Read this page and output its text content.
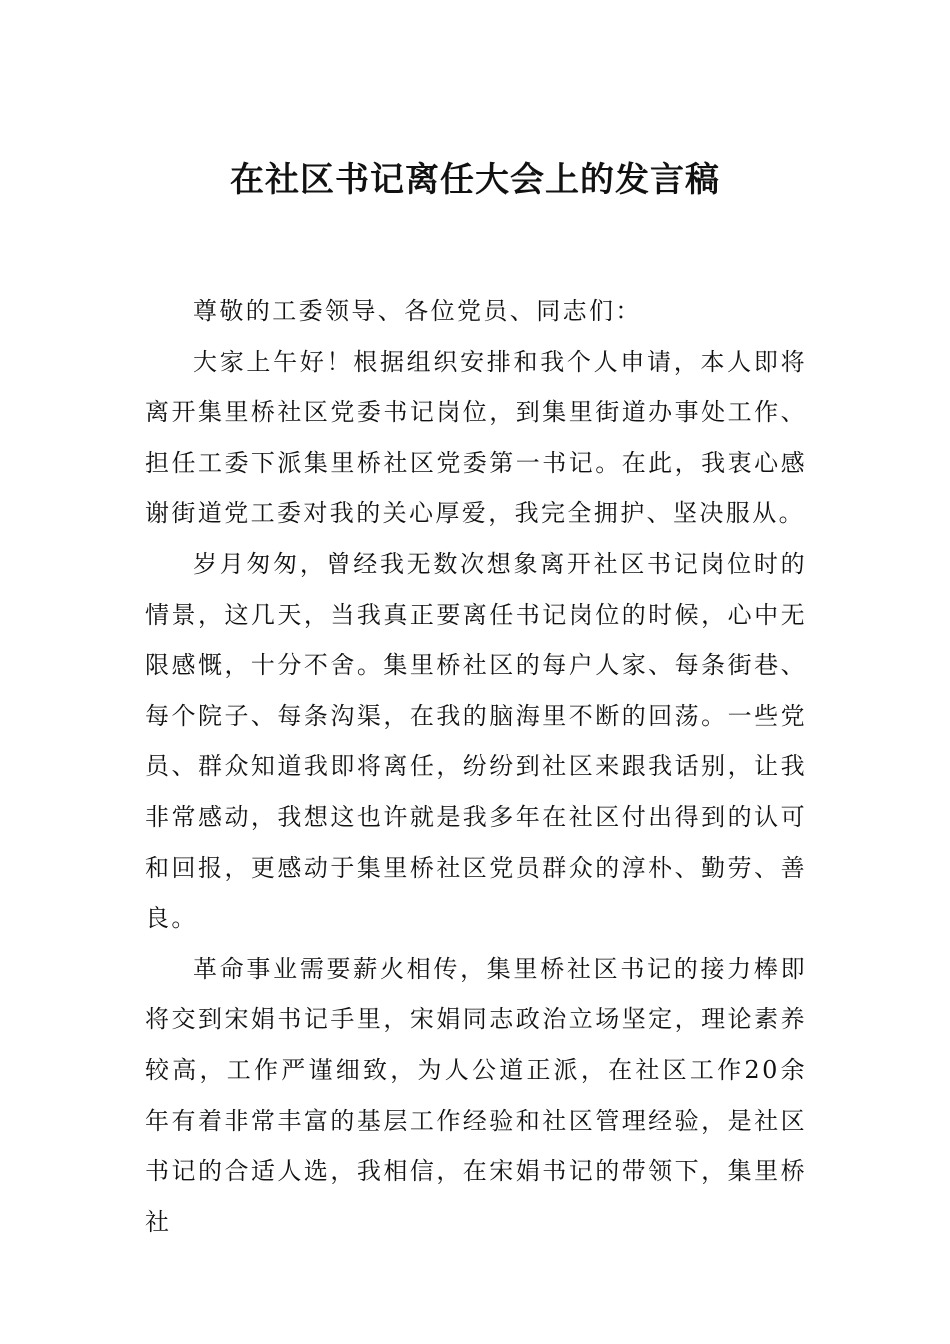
在社区书记离任大会上的发言稿

尊敬的工委领导、各位党员、同志们：

大家上午好！根据组织安排和我个人申请，本人即将离开集里桥社区党委书记岗位，到集里街道办事处工作、担任工委下派集里桥社区党委第一书记。在此，我衷心感谢街道党工委对我的关心厚爱，我完全拥护、坚决服从。

岁月匆匆，曾经我无数次想象离开社区书记岗位时的情景，这几天，当我真正要离任书记岗位的时候，心中无限感慨，十分不舍。集里桥社区的每户人家、每条街巷、每个院子、每条沟渠，在我的脑海里不断的回荡。一些党员、群众知道我即将离任，纷纷到社区来跟我话别，让我非常感动，我想这也许就是我多年在社区付出得到的认可和回报，更感动于集里桥社区党员群众的淳朴、勤劳、善良。

革命事业需要薪火相传，集里桥社区书记的接力棒即将交到宋娟书记手里，宋娟同志政治立场坚定，理论素养较高，工作严谨细致，为人公道正派，在社区工作20余年有着非常丰富的基层工作经验和社区管理经验，是社区书记的合适人选，我相信，在宋娟书记的带领下，集里桥社
